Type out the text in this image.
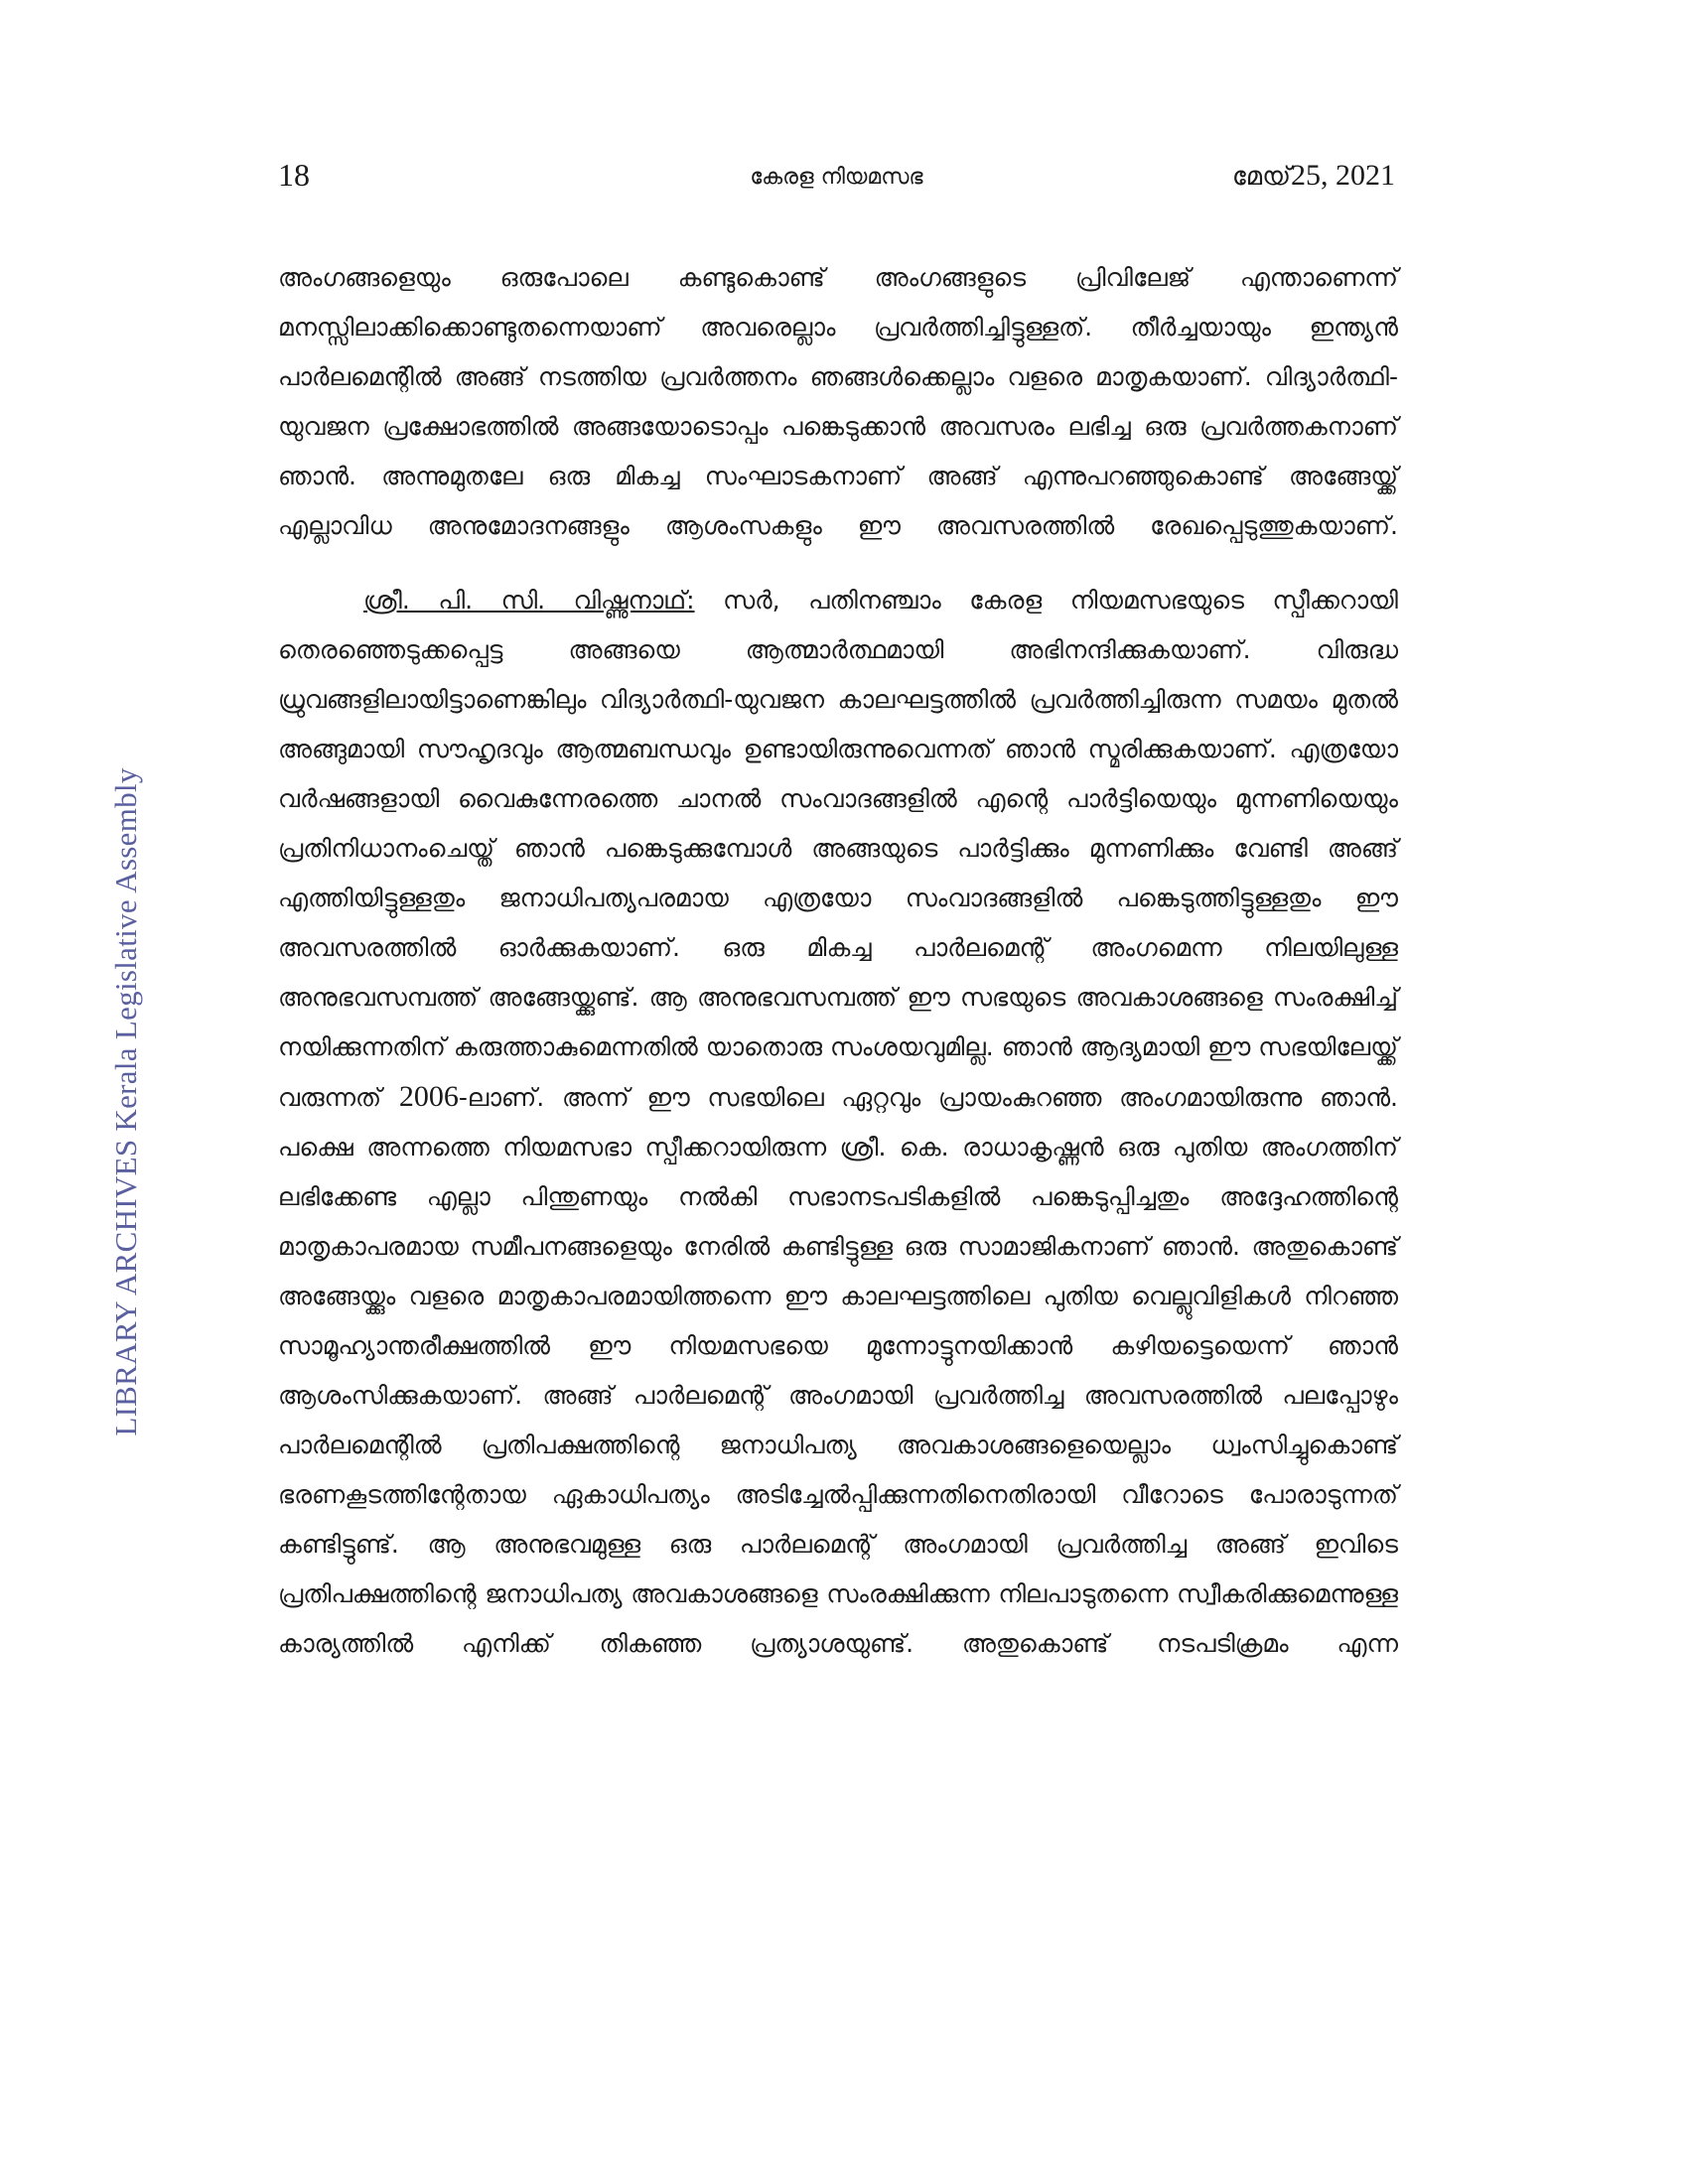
18	കേരള നിയമസഭ	മേയ്25, 2021
LIBRARY ARCHIVES Kerala Legislative Assembly

അംഗങ്ങളെയും ഒരുപോലെ കണ്ടുകൊണ്ട് അംഗങ്ങളുടെ പ്രിവിലേജ് എന്താണെന്ന് മനസ്സിലാക്കിക്കൊണ്ടുതന്നെയാണ് അവരെല്ലാം പ്രവർത്തിച്ചിട്ടുള്ളത്. തീർച്ചയായും ഇന്ത്യൻ പാർലമെന്റിൽ അങ്ങ് നടത്തിയ പ്രവർത്തനം ഞങ്ങൾക്കെല്ലാം വളരെ മാതൃകയാണ്. വിദ്യാർത്ഥി-യുവജന പ്രക്ഷോഭത്തിൽ അങ്ങയോടൊപ്പം പങ്കെടുക്കാൻ അവസരം ലഭിച്ച ഒരു പ്രവർത്തകനാണ് ഞാൻ. അന്നുമുതലേ ഒരു മികച്ച സംഘാടകനാണ് അങ്ങ് എന്നുപറഞ്ഞുകൊണ്ട് അങ്ങേയ്ക്ക് എല്ലാവിധ അനുമോദനങ്ങളും ആശംസകളും ഈ അവസരത്തിൽ രേഖപ്പെടുത്തുകയാണ്.

ശ്രീ. പി. സി. വിഷ്ണുനാഥ്: സർ, പതിനഞ്ചാം കേരള നിയമസഭയുടെ സ്പീക്കറായി തെരഞ്ഞെടുക്കപ്പെട്ട അങ്ങയെ ആത്മാർത്ഥമായി അഭിനന്ദിക്കുകയാണ്. വിരുദ്ധ ധ്രുവങ്ങളിലായിട്ടാണെങ്കിലും വിദ്യാർത്ഥി-യുവജന കാലഘട്ടത്തിൽ പ്രവർത്തിച്ചിരുന്ന സമയം മുതൽ അങ്ങുമായി സൗഹൃദവും ആത്മബന്ധവും ഉണ്ടായിരുന്നുവെന്നത് ഞാൻ സ്മരിക്കുകയാണ്. എത്രയോ വർഷങ്ങളായി വൈകുന്നേരത്തെ ചാനൽ സംവാദങ്ങളിൽ എന്റെ പാർട്ടിയെയും മുന്നണിയെയും പ്രതിനിധാനംചെയ്ത് ഞാൻ പങ്കെടുക്കുമ്പോൾ അങ്ങയുടെ പാർട്ടിക്കും മുന്നണിക്കും വേണ്ടി അങ്ങ് എത്തിയിട്ടുള്ളതും ജനാധിപത്യപരമായ എത്രയോ സംവാദങ്ങളിൽ പങ്കെടുത്തിട്ടുള്ളതും ഈ അവസരത്തിൽ ഓർക്കുകയാണ്. ഒരു മികച്ച പാർലമെന്റ് അംഗമെന്ന നിലയിലുള്ള അനുഭവസമ്പത്ത് അങ്ങേയ്ക്കുണ്ട്. ആ അനുഭവസമ്പത്ത് ഈ സഭയുടെ അവകാശങ്ങളെ സംരക്ഷിച്ച് നയിക്കുന്നതിന് കരുത്താകുമെന്നതിൽ യാതൊരു സംശയവുമില്ല. ഞാൻ ആദ്യമായി ഈ സഭയിലേയ്ക്ക് വരുന്നത് 2006-ലാണ്. അന്ന് ഈ സഭയിലെ ഏറ്റവും പ്രായംകുറഞ്ഞ അംഗമായിരുന്നു ഞാൻ. പക്ഷെ അന്നത്തെ നിയമസഭാ സ്പീക്കറായിരുന്ന ശ്രീ. കെ. രാധാകൃഷ്ണൻ ഒരു പുതിയ അംഗത്തിന് ലഭിക്കേണ്ട എല്ലാ പിന്തുണയും നൽകി സഭാനടപടികളിൽ പങ്കെടുപ്പിച്ചതും അദ്ദേഹത്തിന്റെ മാതൃകാപരമായ സമീപനങ്ങളെയും നേരിൽ കണ്ടിട്ടുള്ള ഒരു സാമാജികനാണ് ഞാൻ. അതുകൊണ്ട് അങ്ങേയ്ക്കും വളരെ മാതൃകാപരമായിത്തന്നെ ഈ കാലഘട്ടത്തിലെ പുതിയ വെല്ലുവിളികൾ നിറഞ്ഞ സാമൂഹ്യാന്തരീക്ഷത്തിൽ ഈ നിയമസഭയെ മുന്നോട്ടുനയിക്കാൻ കഴിയട്ടെയെന്ന് ഞാൻ ആശംസിക്കുകയാണ്. അങ്ങ് പാർലമെന്റ് അംഗമായി പ്രവർത്തിച്ച അവസരത്തിൽ പലപ്പോഴും പാർലമെന്റിൽ പ്രതിപക്ഷത്തിന്റെ ജനാധിപത്യ അവകാശങ്ങളെയെല്ലാം ധ്വംസിച്ചുകൊണ്ട് ഭരണകൂടത്തിന്റേതായ ഏകാധിപത്യം അടിച്ചേൽപ്പിക്കുന്നതിനെതിരായി വീറോടെ പോരാടുന്നത് കണ്ടിട്ടുണ്ട്. ആ അനുഭവമുള്ള ഒരു പാർലമെന്റ് അംഗമായി പ്രവർത്തിച്ച അങ്ങ് ഇവിടെ പ്രതിപക്ഷത്തിന്റെ ജനാധിപത്യ അവകാശങ്ങളെ സംരക്ഷിക്കുന്ന നിലപാടുതന്നെ സ്വീകരിക്കുമെന്നുള്ള കാര്യത്തിൽ എനിക്ക് തികഞ്ഞ പ്രത്യാശയുണ്ട്. അതുകൊണ്ട് നടപടിക്രമം എന്ന
